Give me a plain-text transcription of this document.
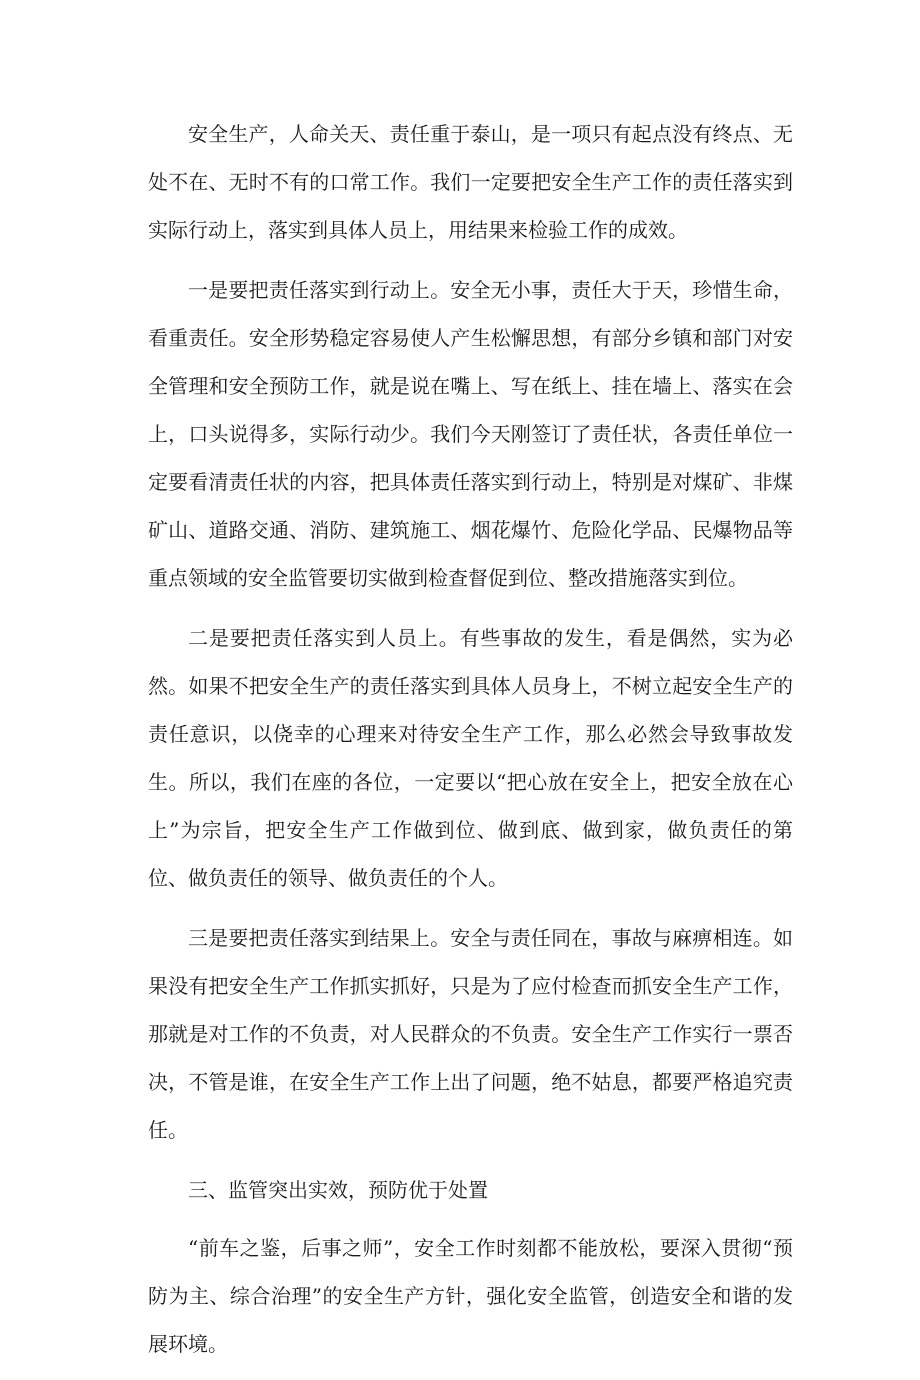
安全生产，人命关天、责任重于泰山，是一项只有起点没有终点、无处不在、无时不有的口常工作。我们一定要把安全生产工作的责任落实到实际行动上，落实到具体人员上，用结果来检验工作的成效。

一是要把责任落实到行动上。安全无小事，责任大于天，珍惜生命，看重责任。安全形势稳定容易使人产生松懈思想，有部分乡镇和部门对安全管理和安全预防工作，就是说在嘴上、写在纸上、挂在墙上、落实在会上，口头说得多，实际行动少。我们今天刚签订了责任状，各责任单位一定要看清责任状的内容，把具体责任落实到行动上，特别是对煤矿、非煤矿山、道路交通、消防、建筑施工、烟花爆竹、危险化学品、民爆物品等重点领域的安全监管要切实做到检查督促到位、整改措施落实到位。

二是要把责任落实到人员上。有些事故的发生，看是偶然，实为必然。如果不把安全生产的责任落实到具体人员身上，不树立起安全生产的责任意识，以侥幸的心理来对待安全生产工作，那么必然会导致事故发生。所以，我们在座的各位，一定要以“把心放在安全上，把安全放在心上”为宗旨，把安全生产工作做到位、做到底、做到家，做负责任的第位、做负责任的领导、做负责任的个人。

三是要把责任落实到结果上。安全与责任同在，事故与麻痹相连。如果没有把安全生产工作抓实抓好，只是为了应付检查而抓安全生产工作，那就是对工作的不负责，对人民群众的不负责。安全生产工作实行一票否决，不管是谁，在安全生产工作上出了问题，绝不姑息，都要严格追究责任。

三、监管突出实效，预防优于处置

“前车之鉴，后事之师”，安全工作时刻都不能放松，要深入贯彻“预防为主、综合治理”的安全生产方针，强化安全监管，创造安全和谐的发展环境。
